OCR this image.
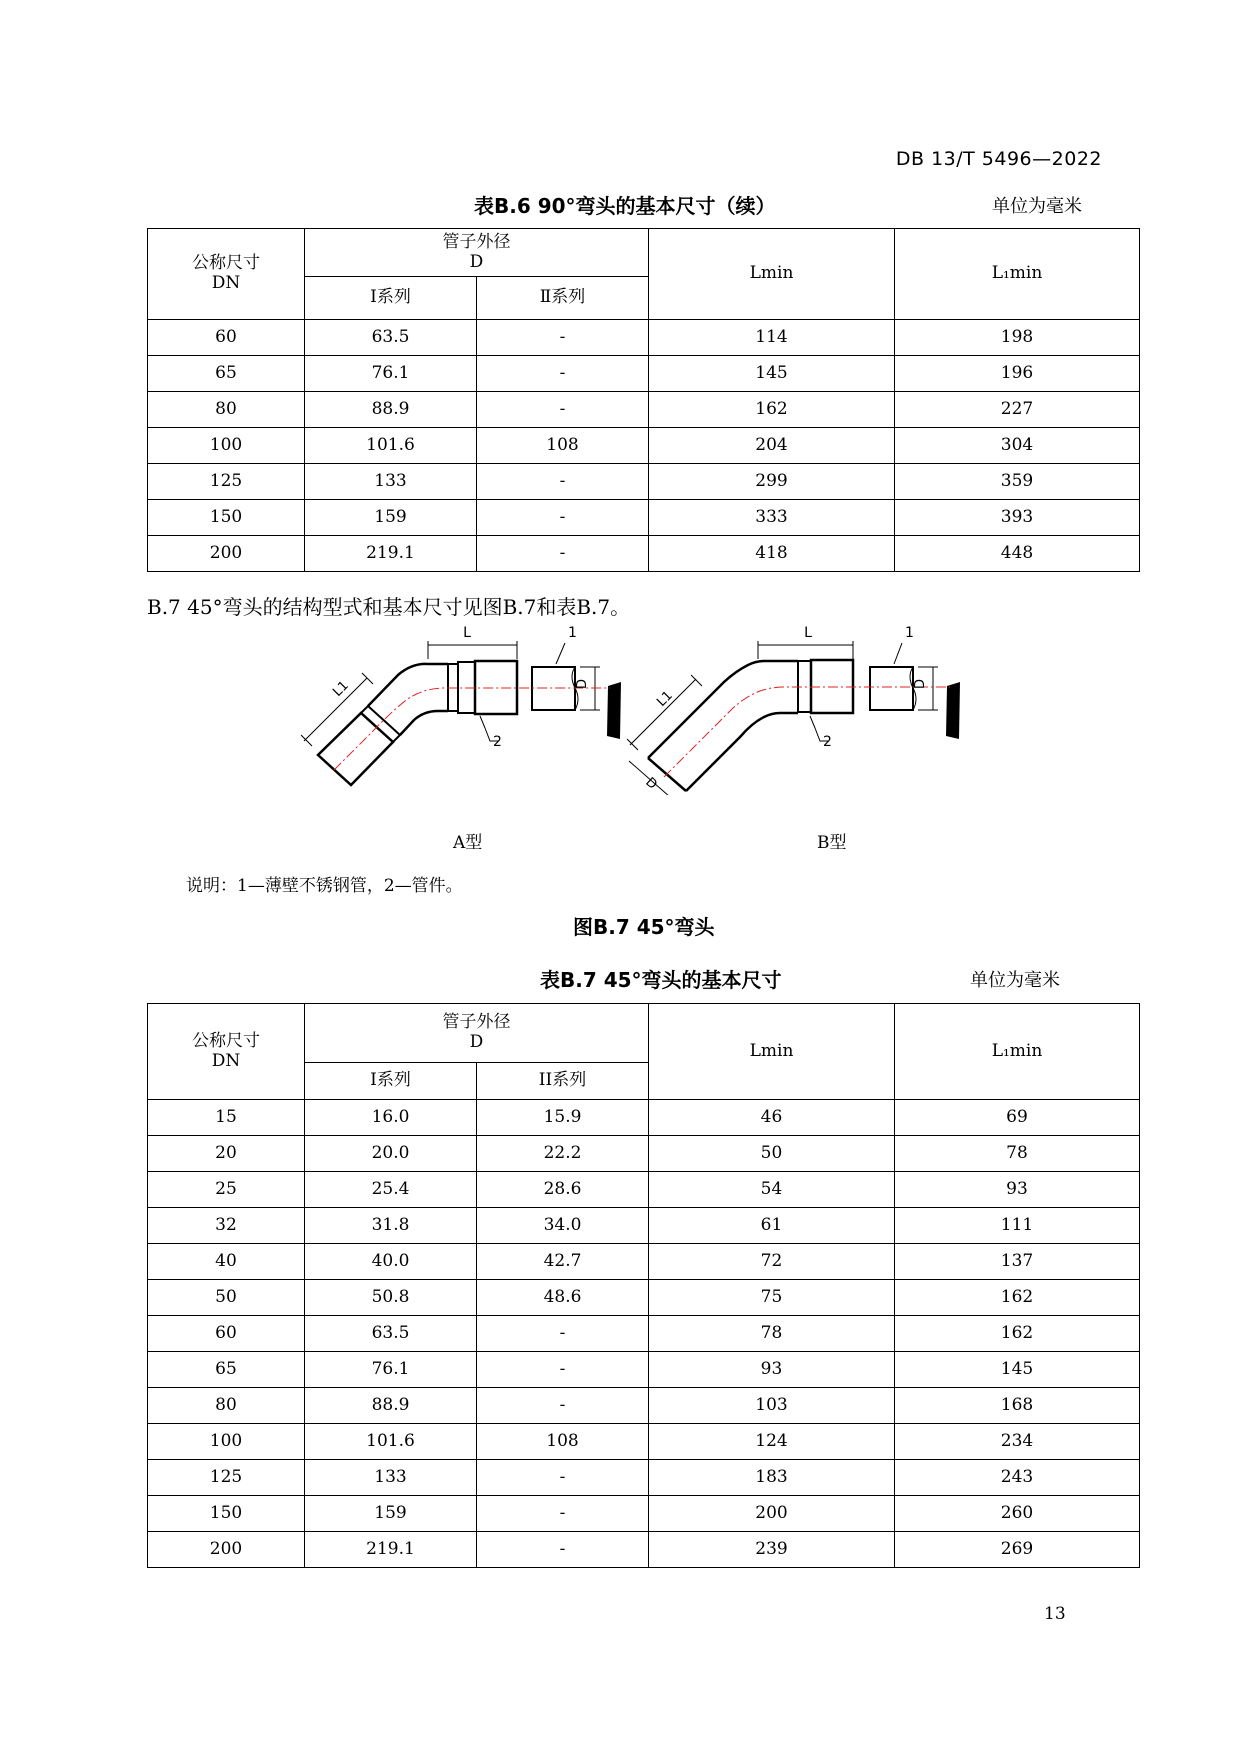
DB 13/T 5496—2022
表B.6 90°弯头的基本尺寸（续）	单位为毫米
公称尺寸
DN	管子外径
D		Lmin	L₁min
	I系列	Ⅱ系列		
60	63.5	-	114	198
65	76.1	-	145	196
80	88.9	-	162	227
100	101.6	108	204	304
125	133	-	299	359
150	159	-	333	393
200	219.1	-	418	448
B.7 45°弯头的结构型式和基本尺寸见图B.7和表B.7。
L	1
2
L	1
2
D	D
D
L1	L1
A型	B型
说明：1—薄壁不锈钢管，2—管件。
图B.7 45°弯头
表B.7 45°弯头的基本尺寸	单位为毫米
公称尺寸
DN	管子外径
D		Lmin	L₁min
	I系列	II系列		
15	16.0	15.9	46	69
20	20.0	22.2	50	78
25	25.4	28.6	54	93
32	31.8	34.0	61	111
40	40.0	42.7	72	137
50	50.8	48.6	75	162
60	63.5	-	78	162
65	76.1	-	93	145
80	88.9	-	103	168
100	101.6	108	124	234
125	133	-	183	243
150	159	-	200	260
200	219.1	-	239	269
13
